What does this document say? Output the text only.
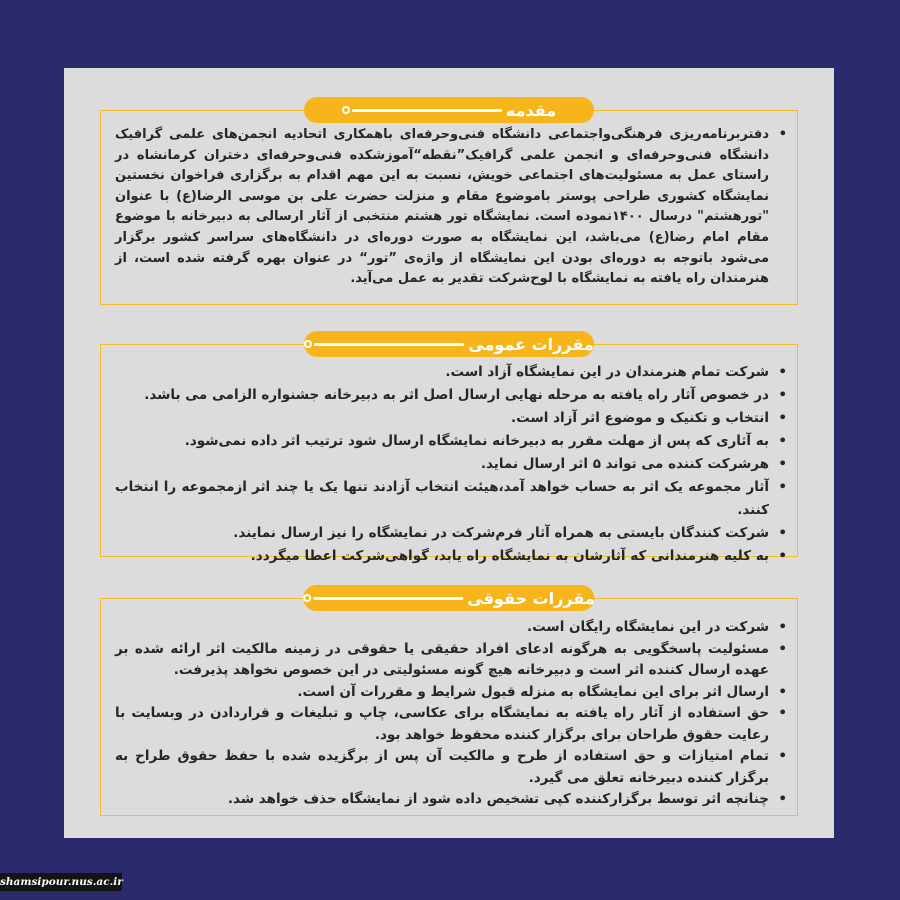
مقدمه
• دفتربرنامه‌ریزی فرهنگی‌واجتماعی دانشگاه فنی‌وحرفه‌ای باهمکاری اتحادیه انجمن‌های علمی گرافیک دانشگاه فنی‌وحرفه‌ای و انجمن علمی گرافیک”نقطه“آموزشکده فنی‌وحرفه‌ای دختران کرمانشاه در راستای عمل به مسئولیت‌های اجتماعی خویش، نسبت به این مهم اقدام به برگزاری فراخوان نخستین نمایشگاه کشوری طراحی پوستر باموضوع مقام و منزلت حضرت علی بن موسی الرضا(ع) با عنوان "تورهشتم" درسال ۱۴۰۰نموده است. نمایشگاه تور هشتم منتخبی از آثار ارسالی به دبیرخانه با موضوع مقام امام رضا(ع) می‌باشد، این نمایشگاه به صورت دوره‌ای در دانشگاه‌های سراسر کشور برگزار می‌شود باتوجه به دوره‌ای بودن این نمایشگاه از واژه‌ی ”تور“ در عنوان بهره گرفته شده است، از هنرمندان راه یافته به نمایشگاه با لوح‌شرکت تقدیر به عمل می‌آید.
مقررات عمومی
• شرکت تمام هنرمندان در این نمایشگاه آزاد است.
• در خصوص آثار راه یافته به مرحله نهایی ارسال اصل اثر به دبیرخانه جشنواره الزامی می باشد.
• انتخاب و تکنیک و موضوع اثر آزاد است.
• به آثاری که پس از مهلت مقرر به دبیرخانه نمایشگاه ارسال شود ترتیب اثر داده نمی‌شود.
• هرشرکت کننده می تواند ۵ اثر ارسال نماید.
• آثار مجموعه یک اثر به حساب خواهد آمد،هیئت انتخاب آزادند تنها یک یا چند اثر ازمجموعه را انتخاب کنند.
• شرکت کنندگان بایستی به همراه آثار فرم‌شرکت در نمایشگاه را نیز ارسال نمایند.
• به کلیه هنرمندانی که آثارشان به نمایشگاه راه یابد، گواهی‌شرکت اعطا میگردد.
مقررات حقوقی
• شرکت در این نمایشگاه رایگان است.
• مسئولیت پاسخگویی به هرگونه ادعای افراد حقیقی یا حقوقی در زمینه مالکیت اثر ارائه شده بر عهده ارسال کننده اثر است و دبیرخانه هیچ گونه مسئولیتی در این خصوص نخواهد پذیرفت.
• ارسال اثر برای این نمایشگاه به منزله قبول شرایط و مقررات آن است.
• حق استفاده از آثار راه یافته به نمایشگاه برای عکاسی، چاپ و تبلیغات و قراردادن در وبسایت با رعایت حقوق طراحان برای برگزار کننده محفوظ خواهد بود.
• تمام امتیازات و حق استفاده از طرح و مالکیت آن پس از برگزیده شده با حفظ حقوق طراح به برگزار کننده دبیرخانه تعلق می گیرد.
• چنانچه اثر توسط برگزارکننده کپی تشخیص داده شود از نمایشگاه حذف خواهد شد.
shamsipour.nus.ac.ir
